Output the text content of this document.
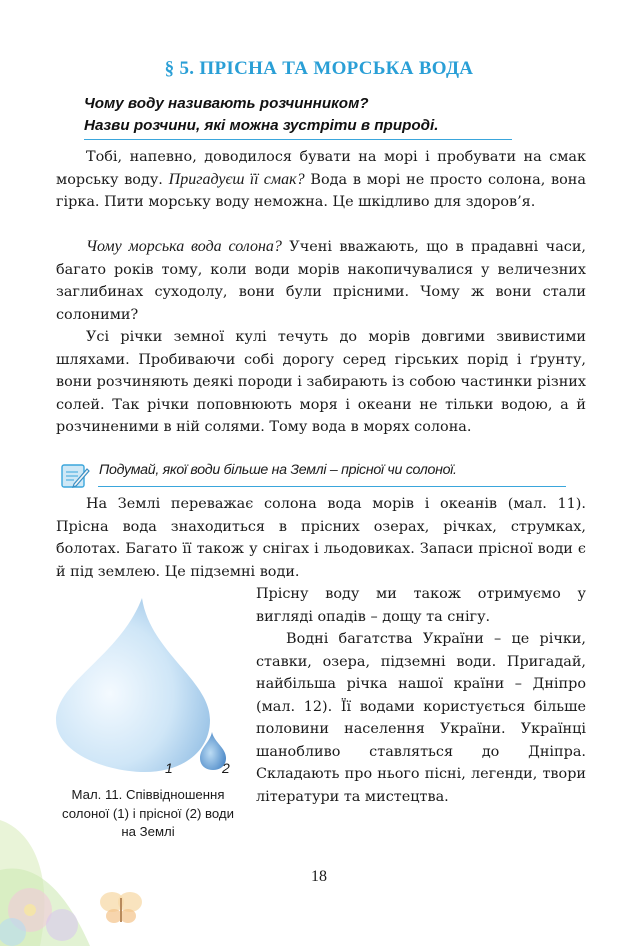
§ 5. ПРІСНА ТА МОРСЬКА ВОДА
Чому воду називають розчинником?
Назви розчини, які можна зустріти в природі.
Тобі, напевно, доводилося бувати на морі і пробувати на смак морську воду. Пригадуєш її смак? Вода в морі не просто солона, вона гірка. Пити морську воду неможна. Це шкідливо для здоров’я.
Чому морська вода солона? Учені вважають, що в прадавні часи, багато років тому, коли води морів накопичувалися у величезних заглибинах суходолу, вони були прісними. Чому ж вони стали солоними?
Усі річки земної кулі течуть до морів довгими звивистими шляхами. Пробиваючи собі дорогу серед гірських порід і ґрунту, вони розчиняють деякі породи і забирають із собою частинки різних солей. Так річки поповнюють моря і океани не тільки водою, а й розчиненими в ній солями. Тому вода в морях солона.
Подумай, якої води більше на Землі – прісної чи солоної.
На Землі переважає солона вода морів і океанів (мал. 11). Прісна вода знаходиться в прісних озерах, річках, струмках, болотах. Багато її також у снігах і льодовиках. Запаси прісної води є й під землею. Це підземні води.
Прісну воду ми також отримуємо у вигляді опадів – дощу та снігу.
Водні багатства України – це річки, ставки, озера, підземні води. Пригадай, найбільша річка нашої країни – Дніпро (мал. 12). Її водами користується більше половини населення України. Українці шанобливо ставляться до Дніпра. Складають про нього пісні, легенди, твори літератури та мистецтва.
1	2
Мал. 11. Співвідношення солоної (1) і прісної (2) води на Землі
18
